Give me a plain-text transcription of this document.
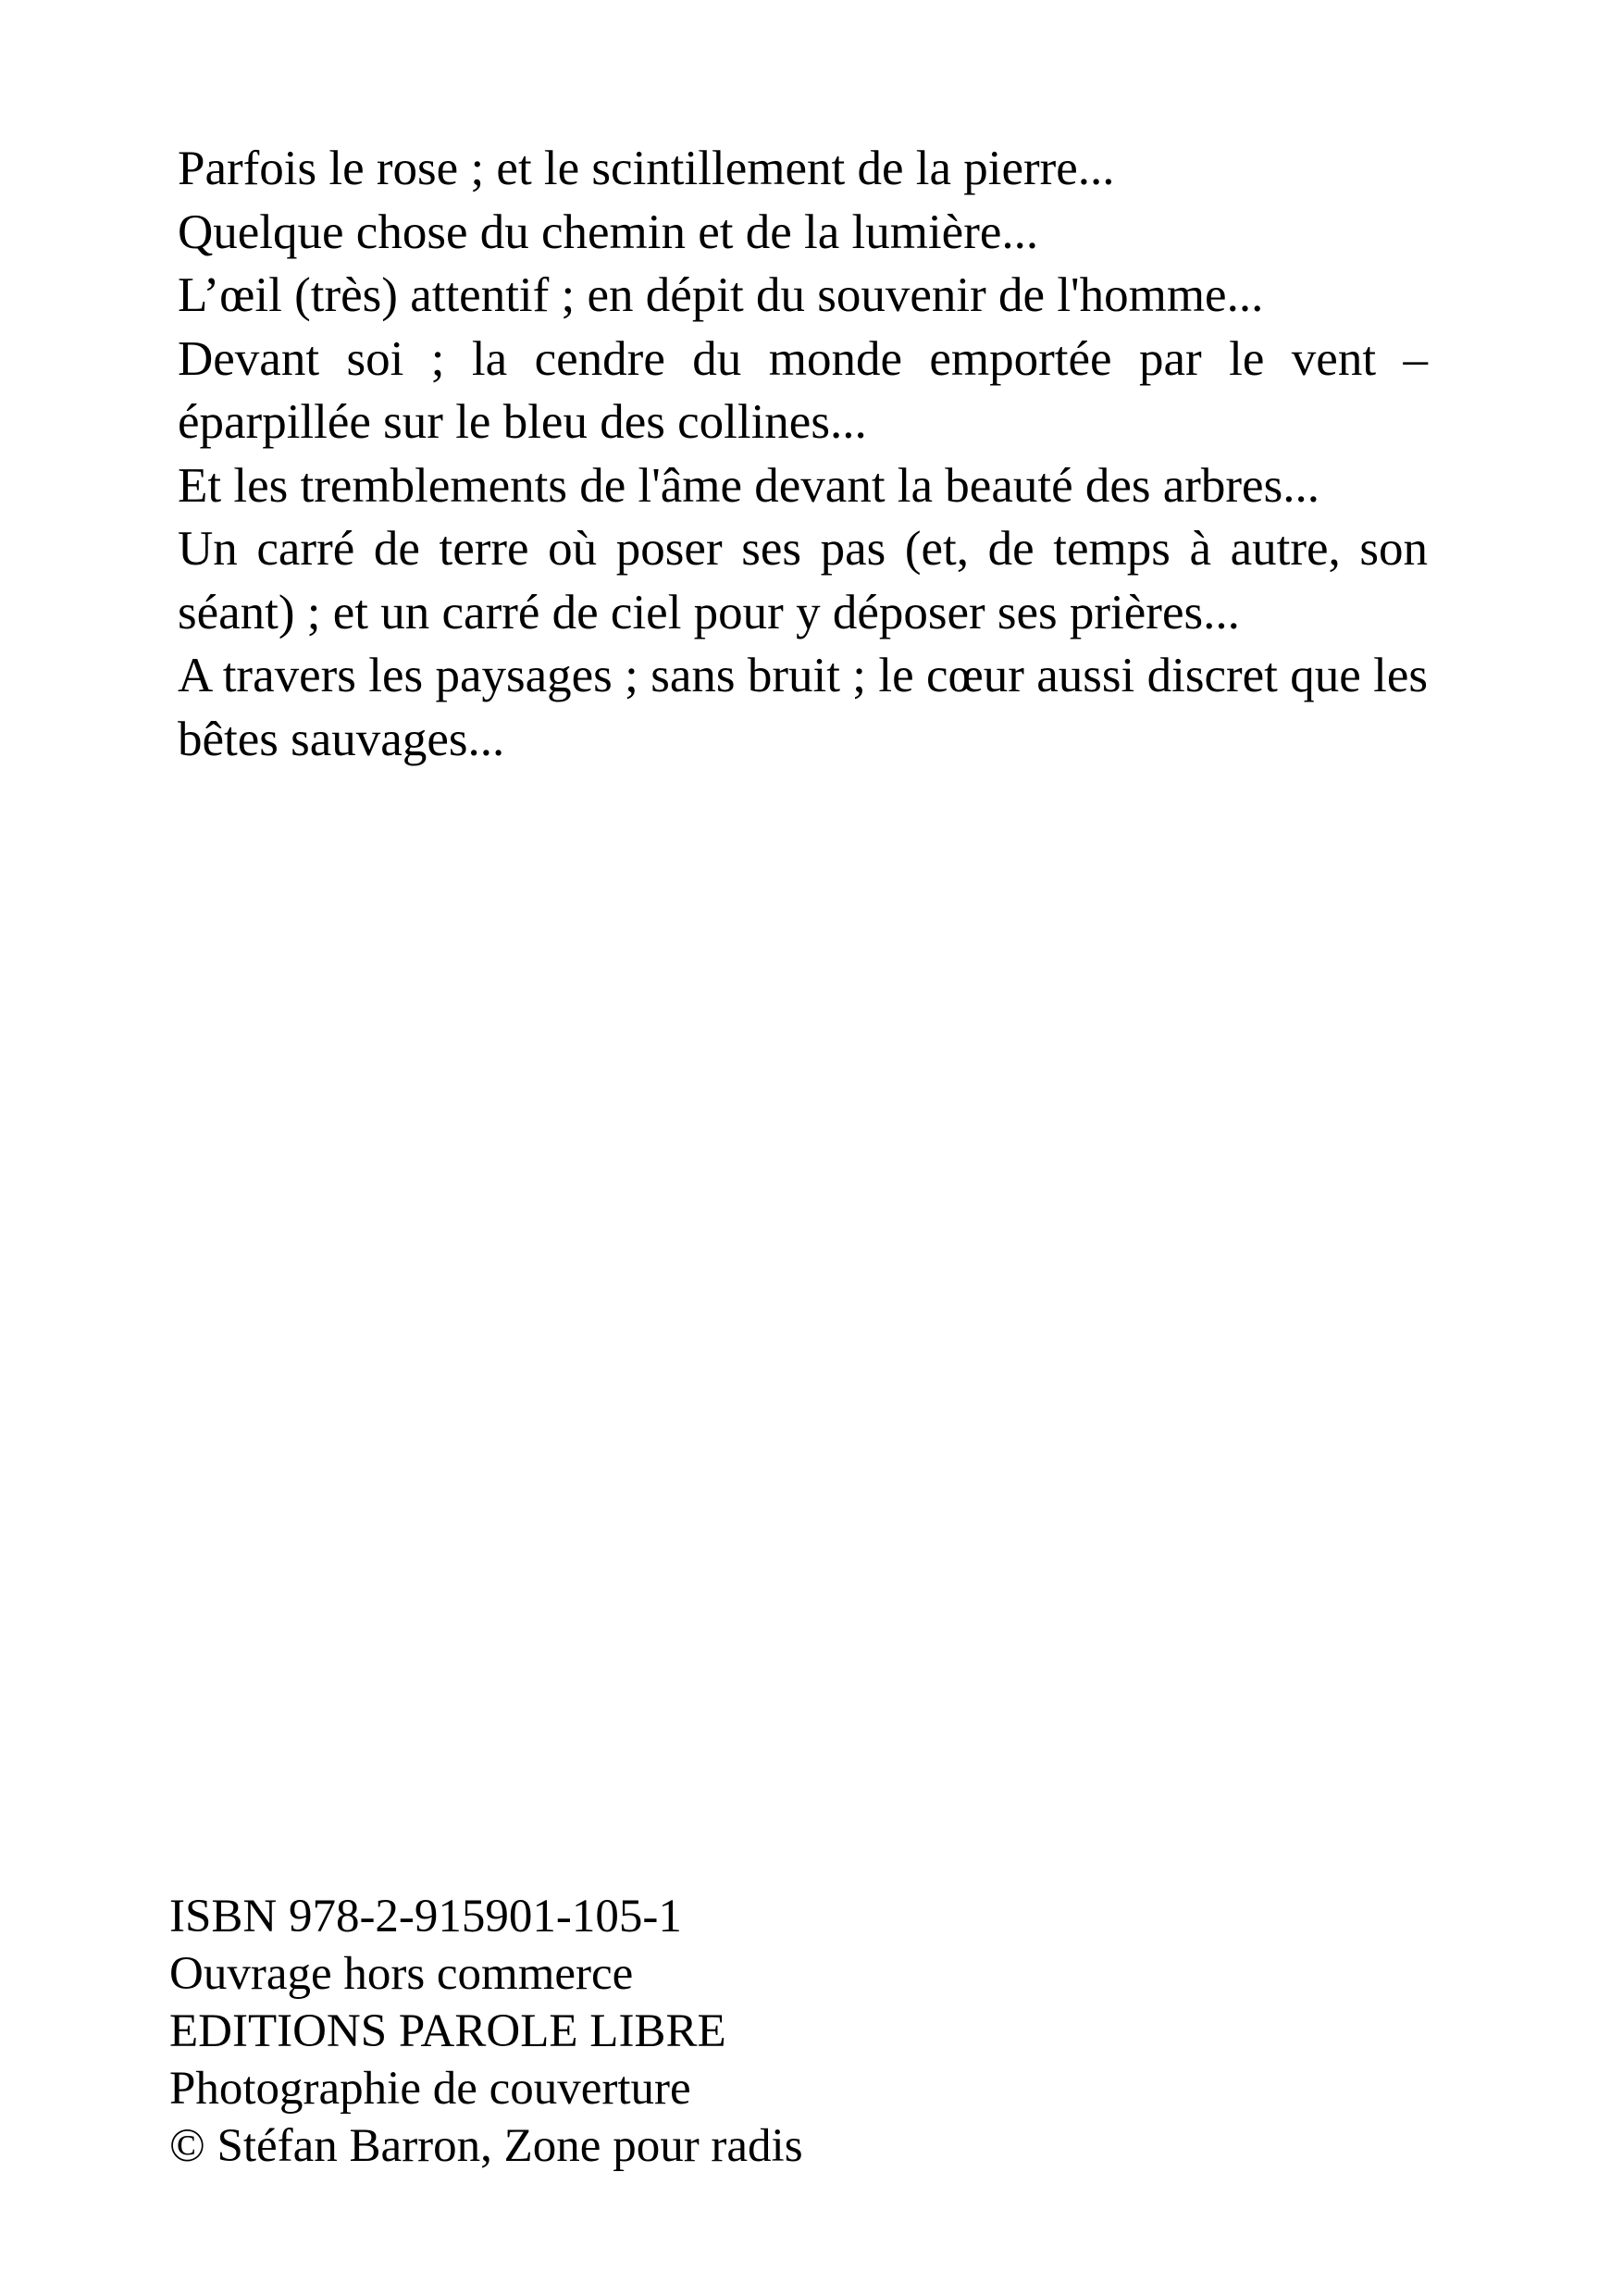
Parfois le rose ; et le scintillement de la pierre...

Quelque chose du chemin et de la lumière...

L’œil (très) attentif ; en dépit du souvenir de l'homme...

Devant soi ; la cendre du monde emportée par le vent – éparpillée sur le bleu des collines...

Et les tremblements de l'âme devant la beauté des arbres...

Un carré de terre où poser ses pas (et, de temps à autre, son séant) ; et un carré de ciel pour y déposer ses prières...

A travers les paysages ; sans bruit ; le cœur aussi discret que les bêtes sauvages...

ISBN 978-2-915901-105-1

Ouvrage hors commerce

EDITIONS PAROLE LIBRE

Photographie de couverture

© Stéfan Barron, Zone pour radis
